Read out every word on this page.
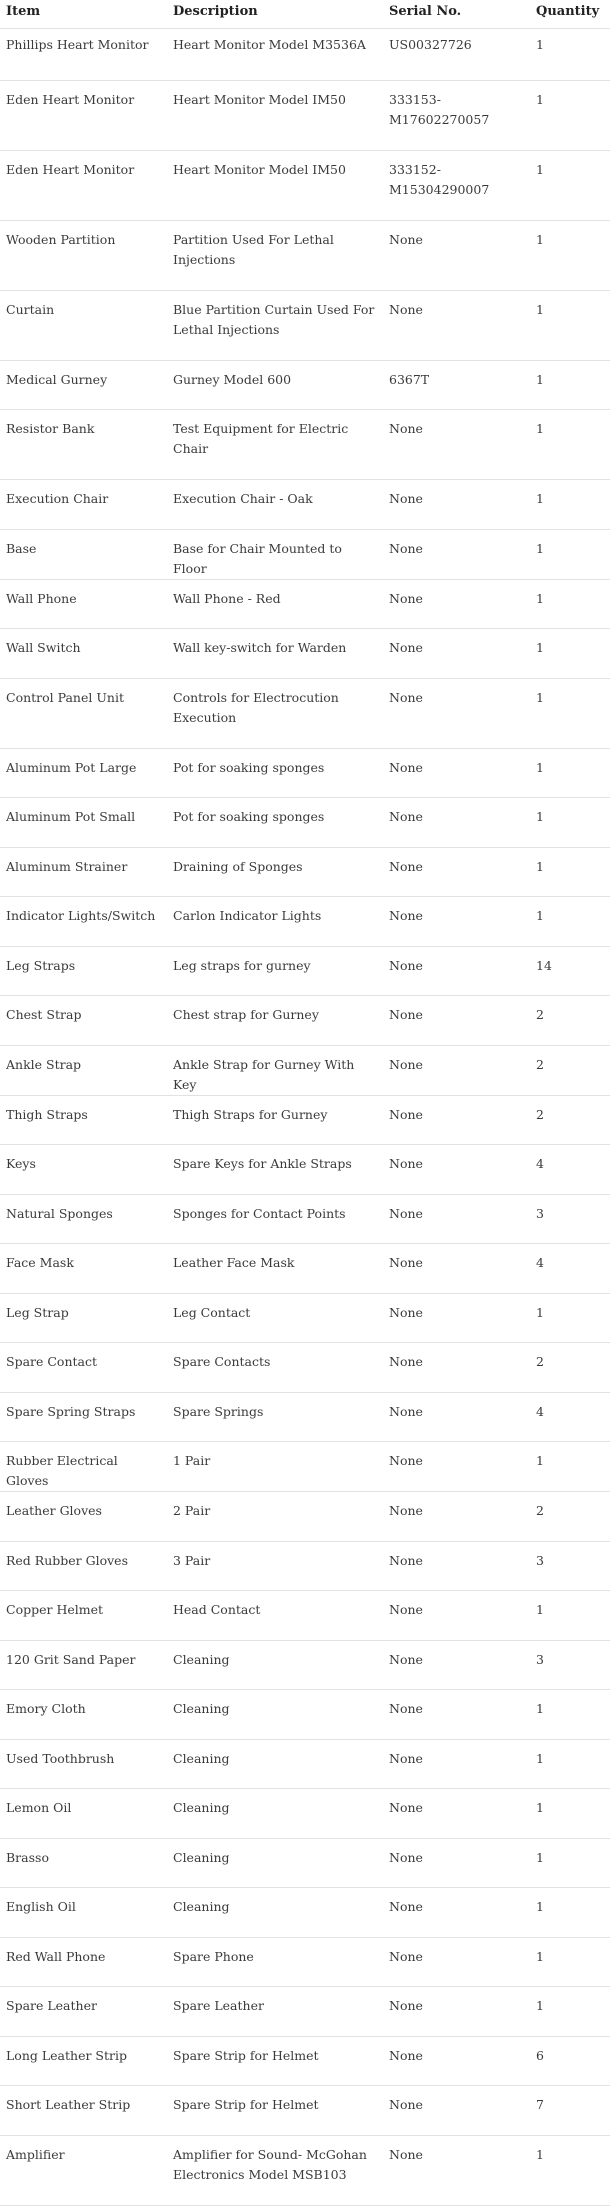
Item	Description	Serial No.	Quantity
Phillips Heart Monitor	Heart Monitor Model M3536A	US00327726	1
Eden Heart Monitor	Heart Monitor Model IM50	333153-M17602270057	1
Eden Heart Monitor	Heart Monitor Model IM50	333152-M15304290007	1
Wooden Partition	Partition Used For Lethal Injections	None	1
Curtain	Blue Partition Curtain Used For Lethal Injections	None	1
Medical Gurney	Gurney Model 600	6367T	1
Resistor Bank	Test Equipment for Electric Chair	None	1
Execution Chair	Execution Chair - Oak	None	1
Base	Base for Chair Mounted to Floor	None	1
Wall Phone	Wall Phone - Red	None	1
Wall Switch	Wall key-switch for Warden	None	1
Control Panel Unit	Controls for Electrocution Execution	None	1
Aluminum Pot Large	Pot for soaking sponges	None	1
Aluminum Pot Small	Pot for soaking sponges	None	1
Aluminum Strainer	Draining of Sponges	None	1
Indicator Lights/Switch	Carlon Indicator Lights	None	1
Leg Straps	Leg straps for gurney	None	14
Chest Strap	Chest strap for Gurney	None	2
Ankle Strap	Ankle Strap for Gurney With Key	None	2
Thigh Straps	Thigh Straps for Gurney	None	2
Keys	Spare Keys for Ankle Straps	None	4
Natural Sponges	Sponges for Contact Points	None	3
Face Mask	Leather Face Mask	None	4
Leg Strap	Leg Contact	None	1
Spare Contact	Spare Contacts	None	2
Spare Spring Straps	Spare Springs	None	4
Rubber Electrical Gloves	1 Pair	None	1
Leather Gloves	2 Pair	None	2
Red Rubber Gloves	3 Pair	None	3
Copper Helmet	Head Contact	None	1
120 Grit Sand Paper	Cleaning	None	3
Emory Cloth	Cleaning	None	1
Used Toothbrush	Cleaning	None	1
Lemon Oil	Cleaning	None	1
Brasso	Cleaning	None	1
English Oil	Cleaning	None	1
Red Wall Phone	Spare Phone	None	1
Spare Leather	Spare Leather	None	1
Long Leather Strip	Spare Strip for Helmet	None	6
Short Leather Strip	Spare Strip for Helmet	None	7
Amplifier	Amplifier for Sound- McGohan Electronics Model MSB103	None	1
